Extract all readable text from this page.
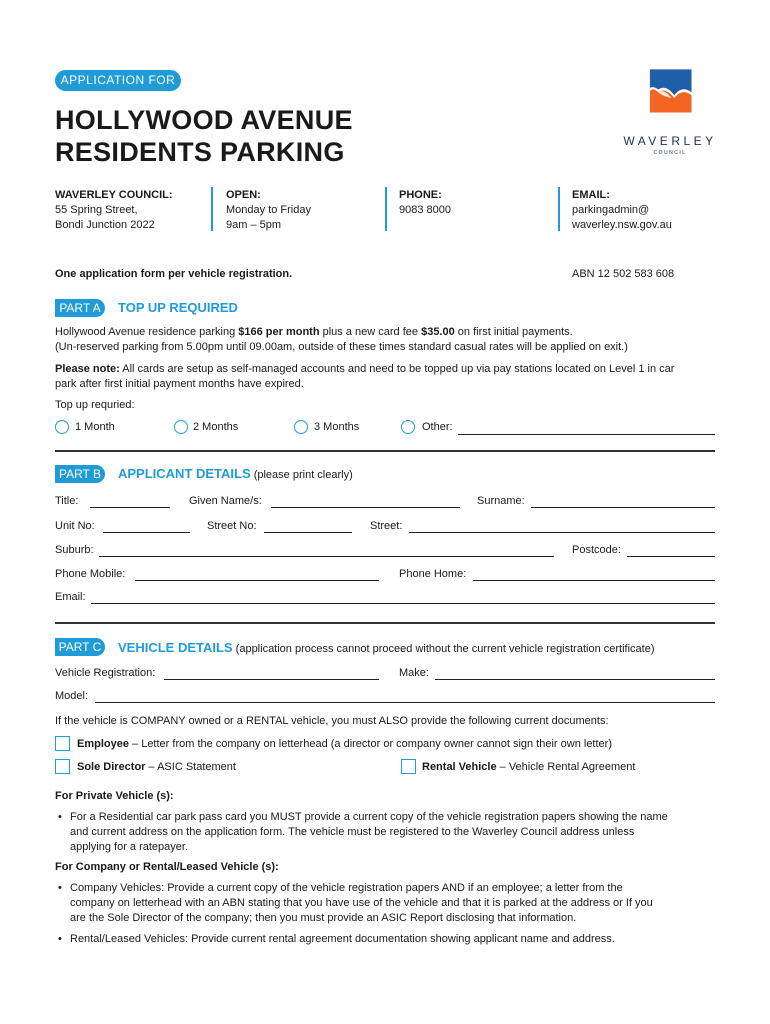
APPLICATION FOR
HOLLYWOOD AVENUE
RESIDENTS PARKING	WAVERLEY
COUNCIL
WAVERLEY COUNCIL:
55 Spring Street,
Bondi Junction 2022
OPEN:
Monday to Friday
9am – 5pm
PHONE:
9083 8000
EMAIL:
parkingadmin@
waverley.nsw.gov.au
One application form per vehicle registration.	ABN 12 502 583 608
PART A	TOP UP REQUIRED
Hollywood Avenue residence parking $166 per month plus a new card fee $35.00 on first initial payments.
(Un-reserved parking from 5.00pm until 09.00am, outside of these times standard casual rates will be applied on exit.)
Please note: All cards are setup as self-managed accounts and need to be topped up via pay stations located on Level 1 in car
park after first initial payment months have expired.
Top up requried:
1 Month	2 Months	3 Months	Other:
PART B	APPLICANT DETAILS (please print clearly)
Title:	Given Name/s:	Surname:
Unit No:	Street No:	Street:
Suburb:	Postcode:
Phone Mobile:	Phone Home:
Email:
PART C VEHICLE DETAILS (application process cannot proceed without the current vehicle registration certificate)
Vehicle Registration:	Make:
Model:
If the vehicle is COMPANY owned or a RENTAL vehicle, you must ALSO provide the following current documents:
Employee – Letter from the company on letterhead (a director or company owner cannot sign their own letter)
Sole Director – ASIC Statement	Rental Vehicle – Vehicle Rental Agreement
For Private Vehicle (s):
• For a Residential car park pass card you MUST provide a current copy of the vehicle registration papers showing the name
and current address on the application form. The vehicle must be registered to the Waverley Council address unless
applying for a ratepayer.
For Company or Rental/Leased Vehicle (s):
• Company Vehicles: Provide a current copy of the vehicle registration papers AND if an employee; a letter from the
company on letterhead with an ABN stating that you have use of the vehicle and that it is parked at the address or If you
are the Sole Director of the company; then you must provide an ASIC Report disclosing that information.
• Rental/Leased Vehicles: Provide current rental agreement documentation showing applicant name and address.
